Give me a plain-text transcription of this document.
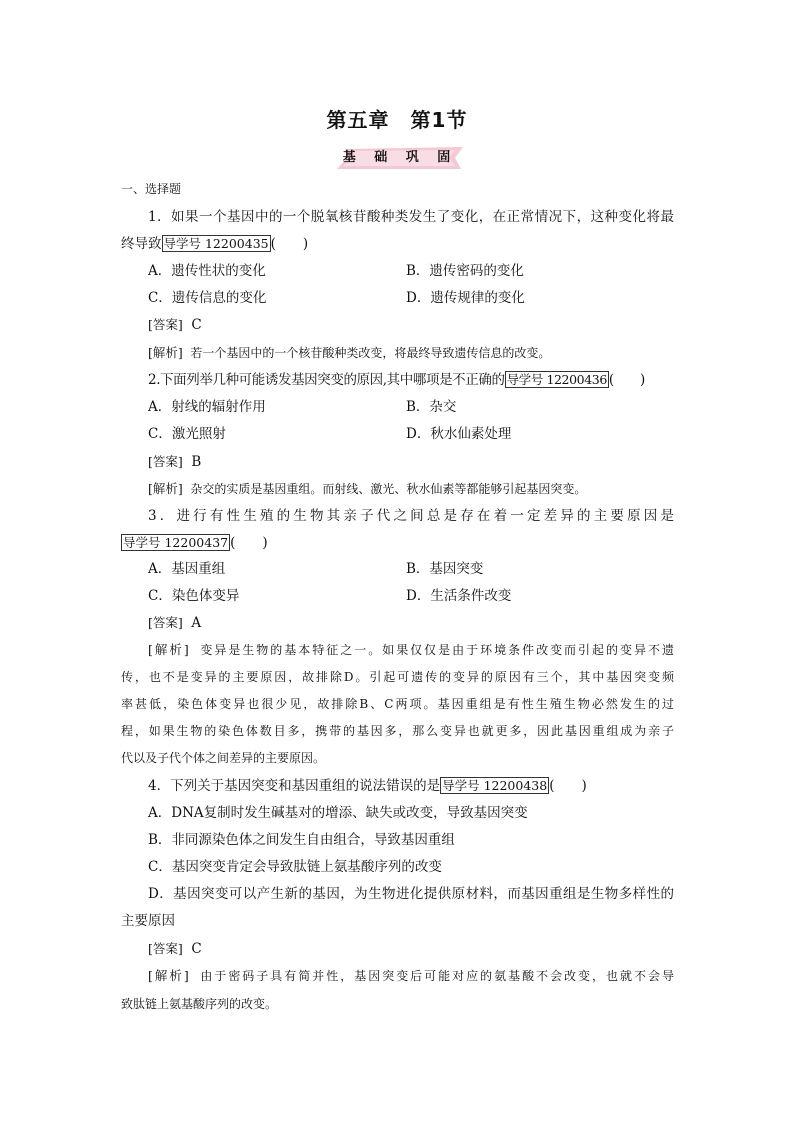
第五章　第1节
基 础 巩 固
一、选择题
1．如果一个基因中的一个脱氧核苷酸种类发生了变化，在正常情况下，这种变化将最
终导致 导学号 12200435 (　　)
A．遗传性状的变化	B．遗传密码的变化
C．遗传信息的变化	D．遗传规律的变化
[答案] C
[解析] 若一个基因中的一个核苷酸种类改变，将最终导致遗传信息的改变。
2.下面列举几种可能诱发基因突变的原因,其中哪项是不正确的 导学号 12200436 (　　)
A．射线的辐射作用	B．杂交
C．激光照射	D．秋水仙素处理
[答案] B
[解析] 杂交的实质是基因重组。而射线、激光、秋水仙素等都能够引起基因突变。
3．进行有性生殖的生物其亲子代之间总是存在着一定差异的主要原因是
导学号 12200437 (　　)
A．基因重组	B．基因突变
C．染色体变异	D．生活条件改变
[答案] A
[解析] 变异是生物的基本特征之一。如果仅仅是由于环境条件改变而引起的变异不遗
传，也不是变异的主要原因，故排除D。引起可遗传的变异的原因有三个，其中基因突变频
率甚低，染色体变异也很少见，故排除B、C两项。基因重组是有性生殖生物必然发生的过
程，如果生物的染色体数目多，携带的基因多，那么变异也就更多，因此基因重组成为亲子
代以及子代个体之间差异的主要原因。
4．下列关于基因突变和基因重组的说法错误的是 导学号 12200438 (　　)
A．DNA复制时发生碱基对的增添、缺失或改变，导致基因突变
B．非同源染色体之间发生自由组合，导致基因重组
C．基因突变肯定会导致肽链上氨基酸序列的改变
D．基因突变可以产生新的基因，为生物进化提供原材料，而基因重组是生物多样性的
主要原因
[答案] C
[解析] 由于密码子具有简并性，基因突变后可能对应的氨基酸不会改变，也就不会导
致肽链上氨基酸序列的改变。
